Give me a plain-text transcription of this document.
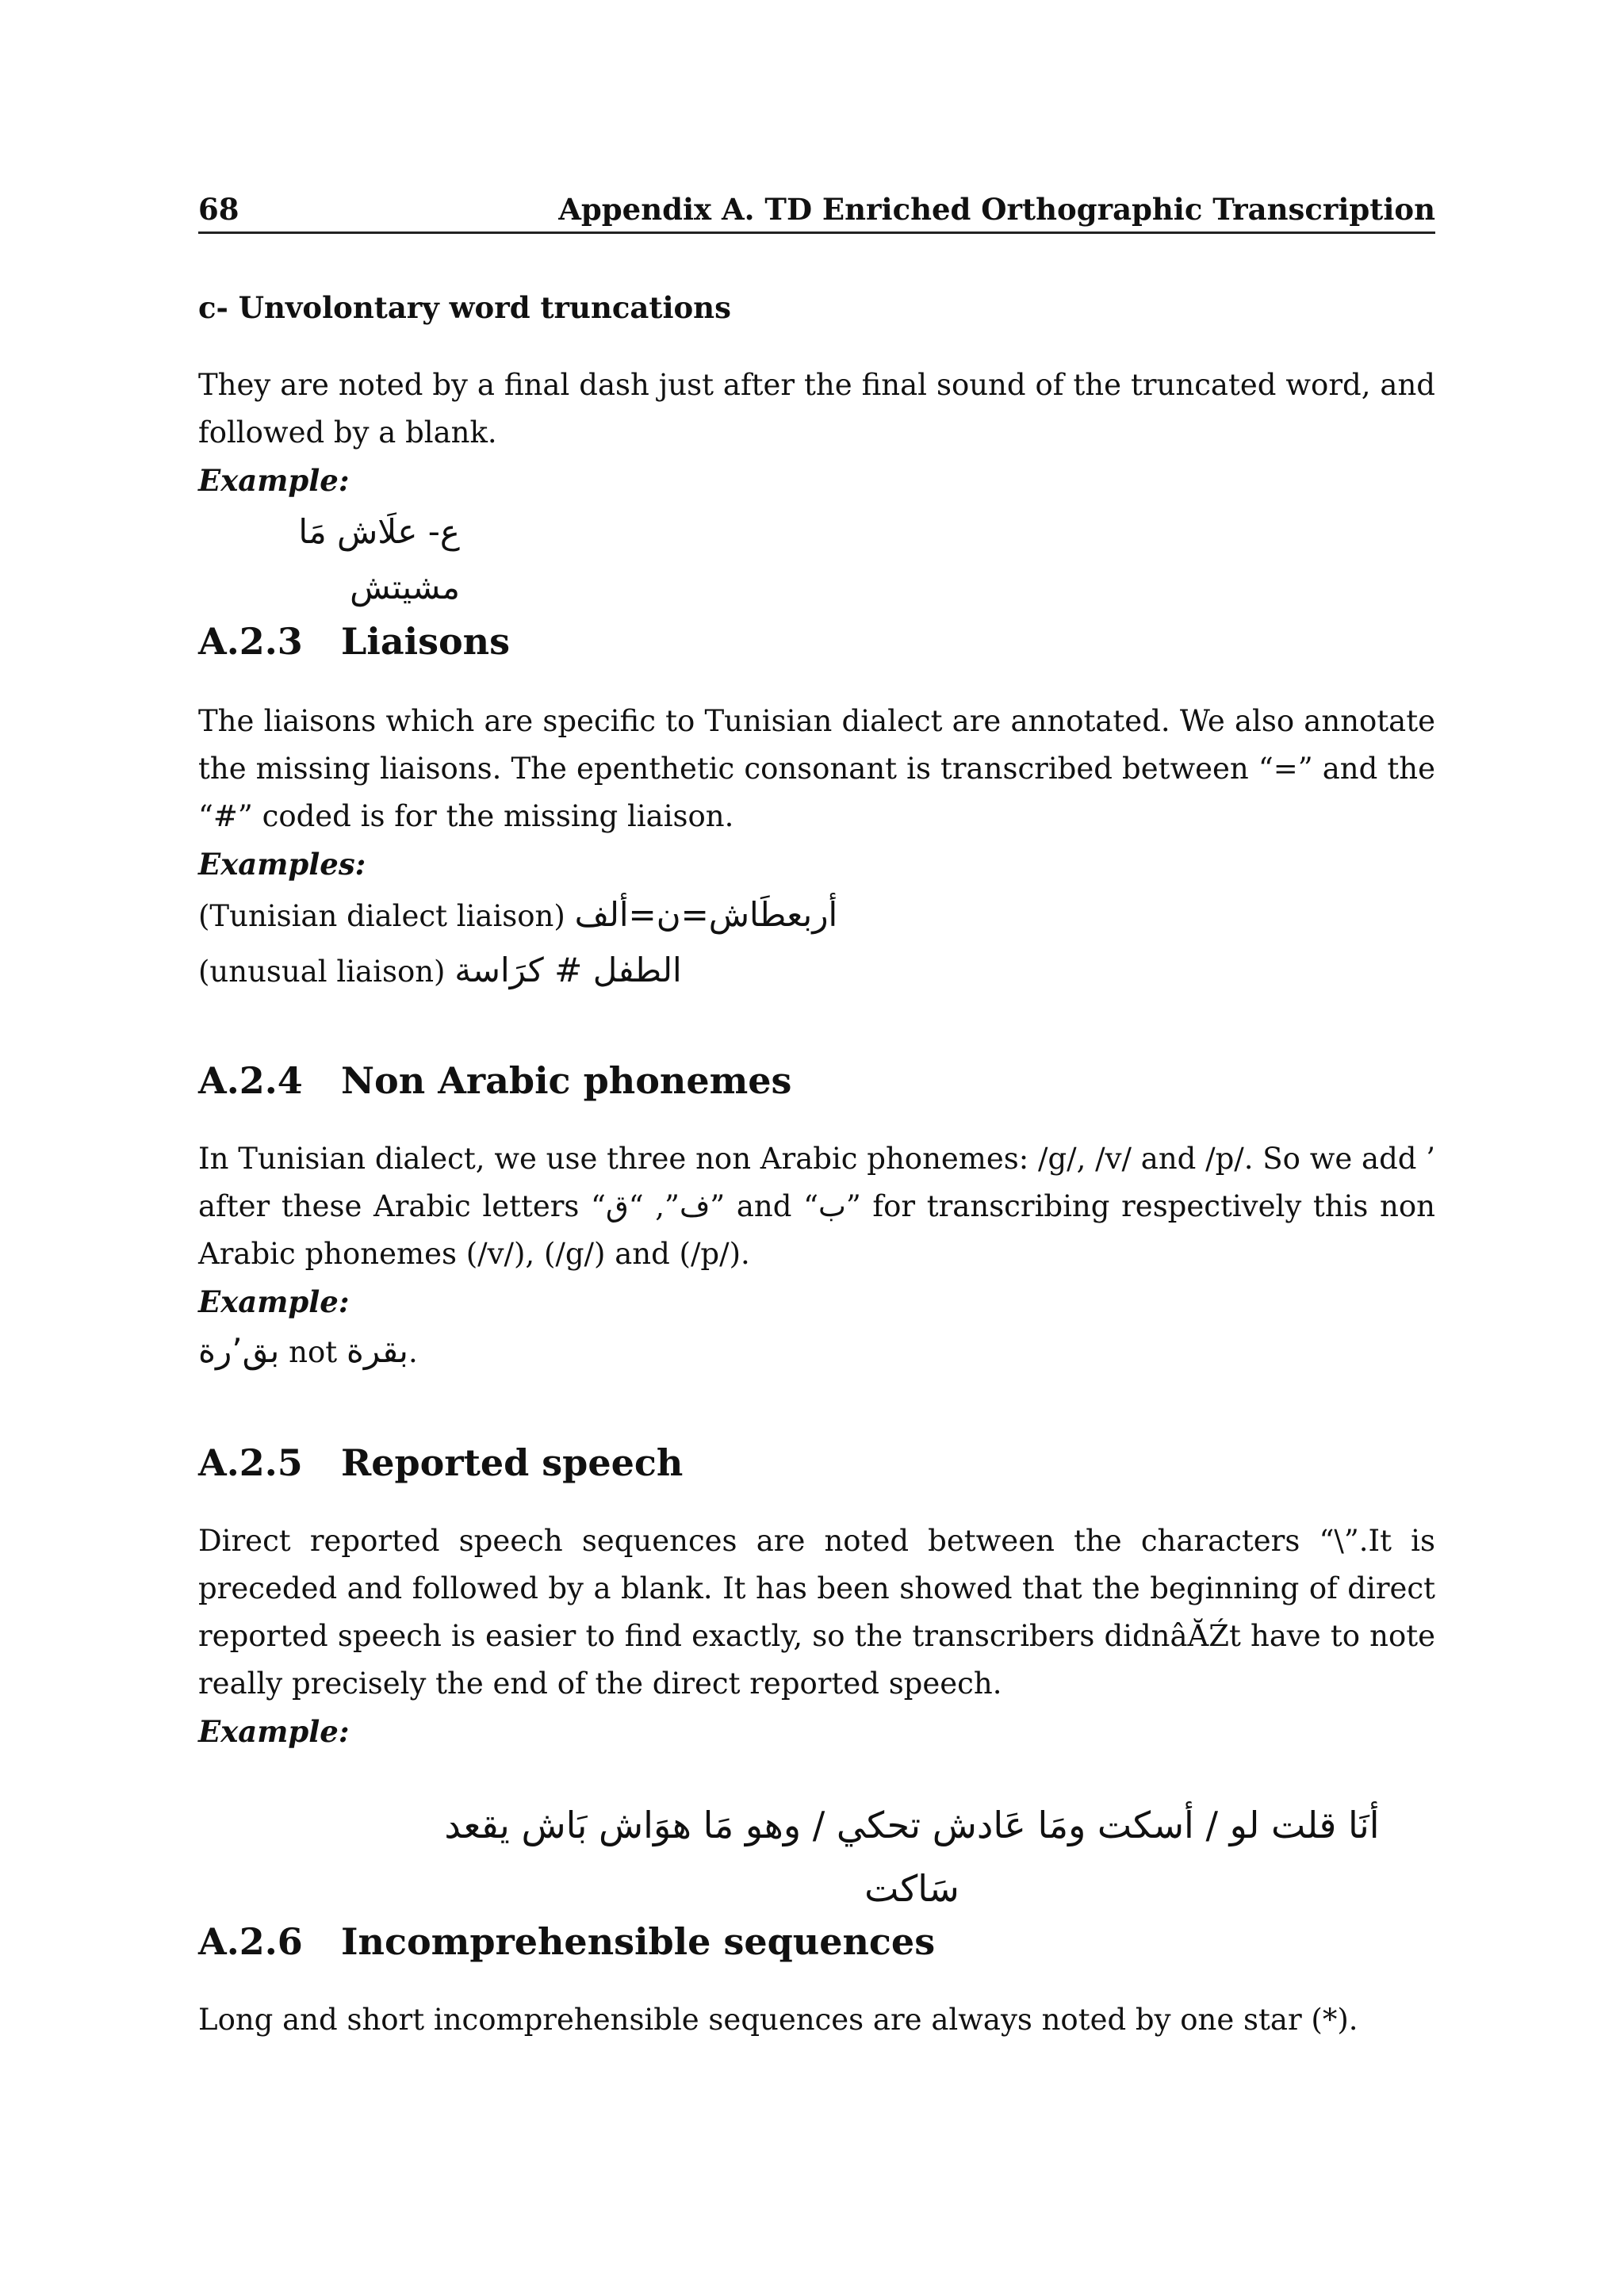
68	Appendix A. TD Enriched Orthographic Transcription
c- Unvolontary word truncations

They are noted by a final dash just after the final sound of the truncated word, and followed by a blank.

Example:
ع- علَاش مَا مشيتش
A.2.3 Liaisons

The liaisons which are specific to Tunisian dialect are annotated. We also annotate the missing liaisons. The epenthetic consonant is transcribed between “=” and the “#” coded is for the missing liaison.

Examples:
(Tunisian dialect liaison) أربعطَاش=ن=ألف
(unusual liaison) الطفل # كرَاسة
A.2.4 Non Arabic phonemes

In Tunisian dialect, we use three non Arabic phonemes: /g/, /v/ and /p/. So we add ’ after these Arabic letters “	ف”, “ق	” and “ب” for transcribing respectively this non Arabic phonemes (/v/), (/g/) and (/p/).

Example:
بق’رة not بقرة.
A.2.5 Reported speech

Direct reported speech sequences are noted between the characters “\”.It is preceded and followed by a blank. It has been showed that the beginning of direct reported speech is easier to find exactly, so the transcribers didnâĂŹt have to note really precisely the end of the direct reported speech.

Example:
أنَا قلت لو / أسكت ومَا عَادش تحكي / وهو مَا هوَاش بَاش يقعد سَاكت
A.2.6 Incomprehensible sequences

Long and short incomprehensible sequences are always noted by one star (*).
